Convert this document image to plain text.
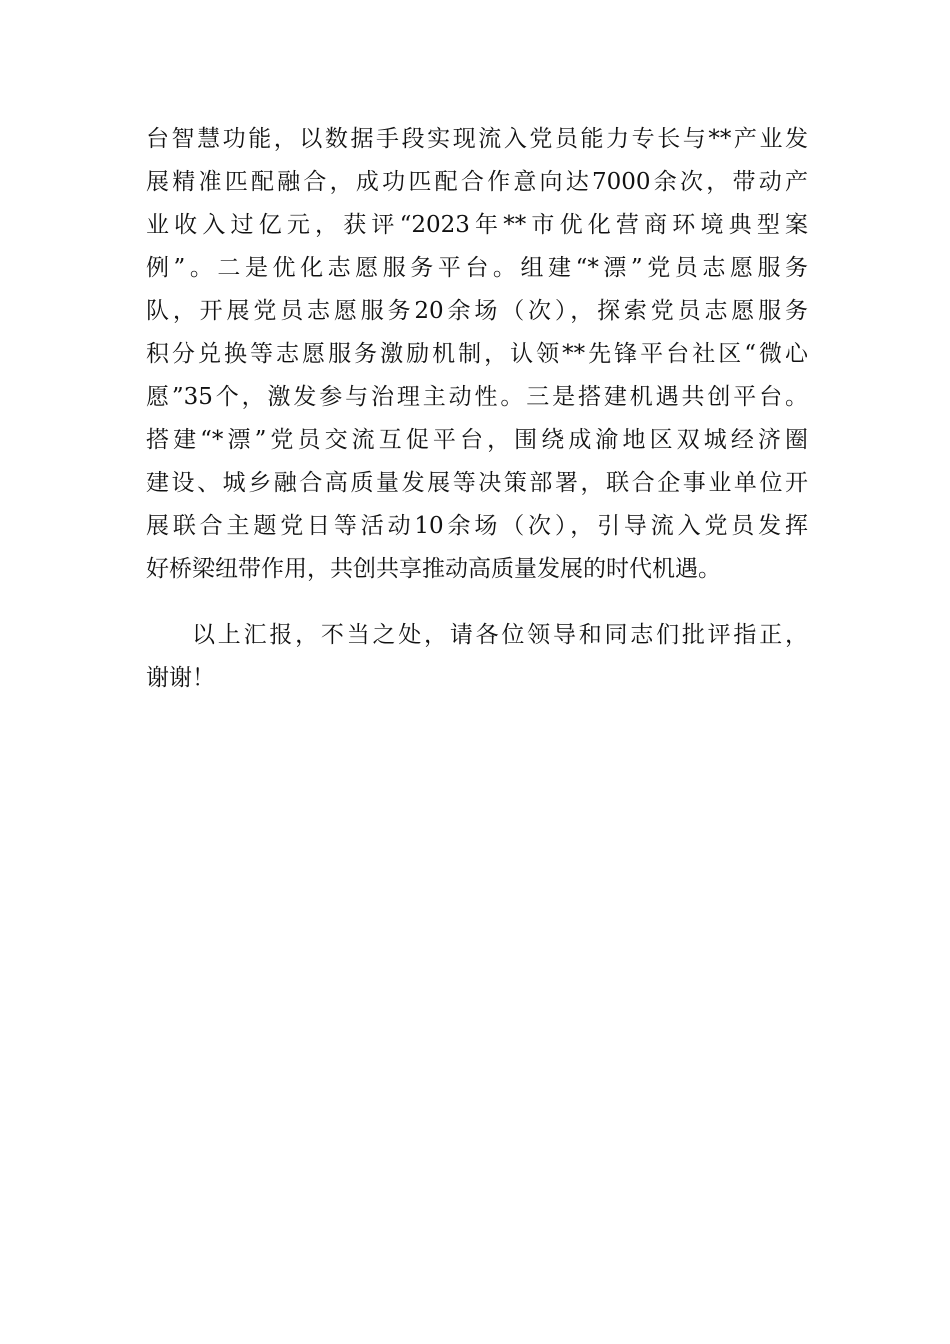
台智慧功能，以数据手段实现流入党员能力专长与**产业发
展精准匹配融合，成功匹配合作意向达7000余次，带动产
业收入过亿元，获评“2023年**市优化营商环境典型案
例”。二是优化志愿服务平台。组建“*漂”党员志愿服务
队，开展党员志愿服务20余场（次），探索党员志愿服务
积分兑换等志愿服务激励机制，认领**先锋平台社区“微心
愿”35个，激发参与治理主动性。三是搭建机遇共创平台。
搭建“*漂”党员交流互促平台，围绕成渝地区双城经济圈
建设、城乡融合高质量发展等决策部署，联合企事业单位开
展联合主题党日等活动10余场（次），引导流入党员发挥
好桥梁纽带作用，共创共享推动高质量发展的时代机遇。
以上汇报，不当之处，请各位领导和同志们批评指正，
谢谢！
